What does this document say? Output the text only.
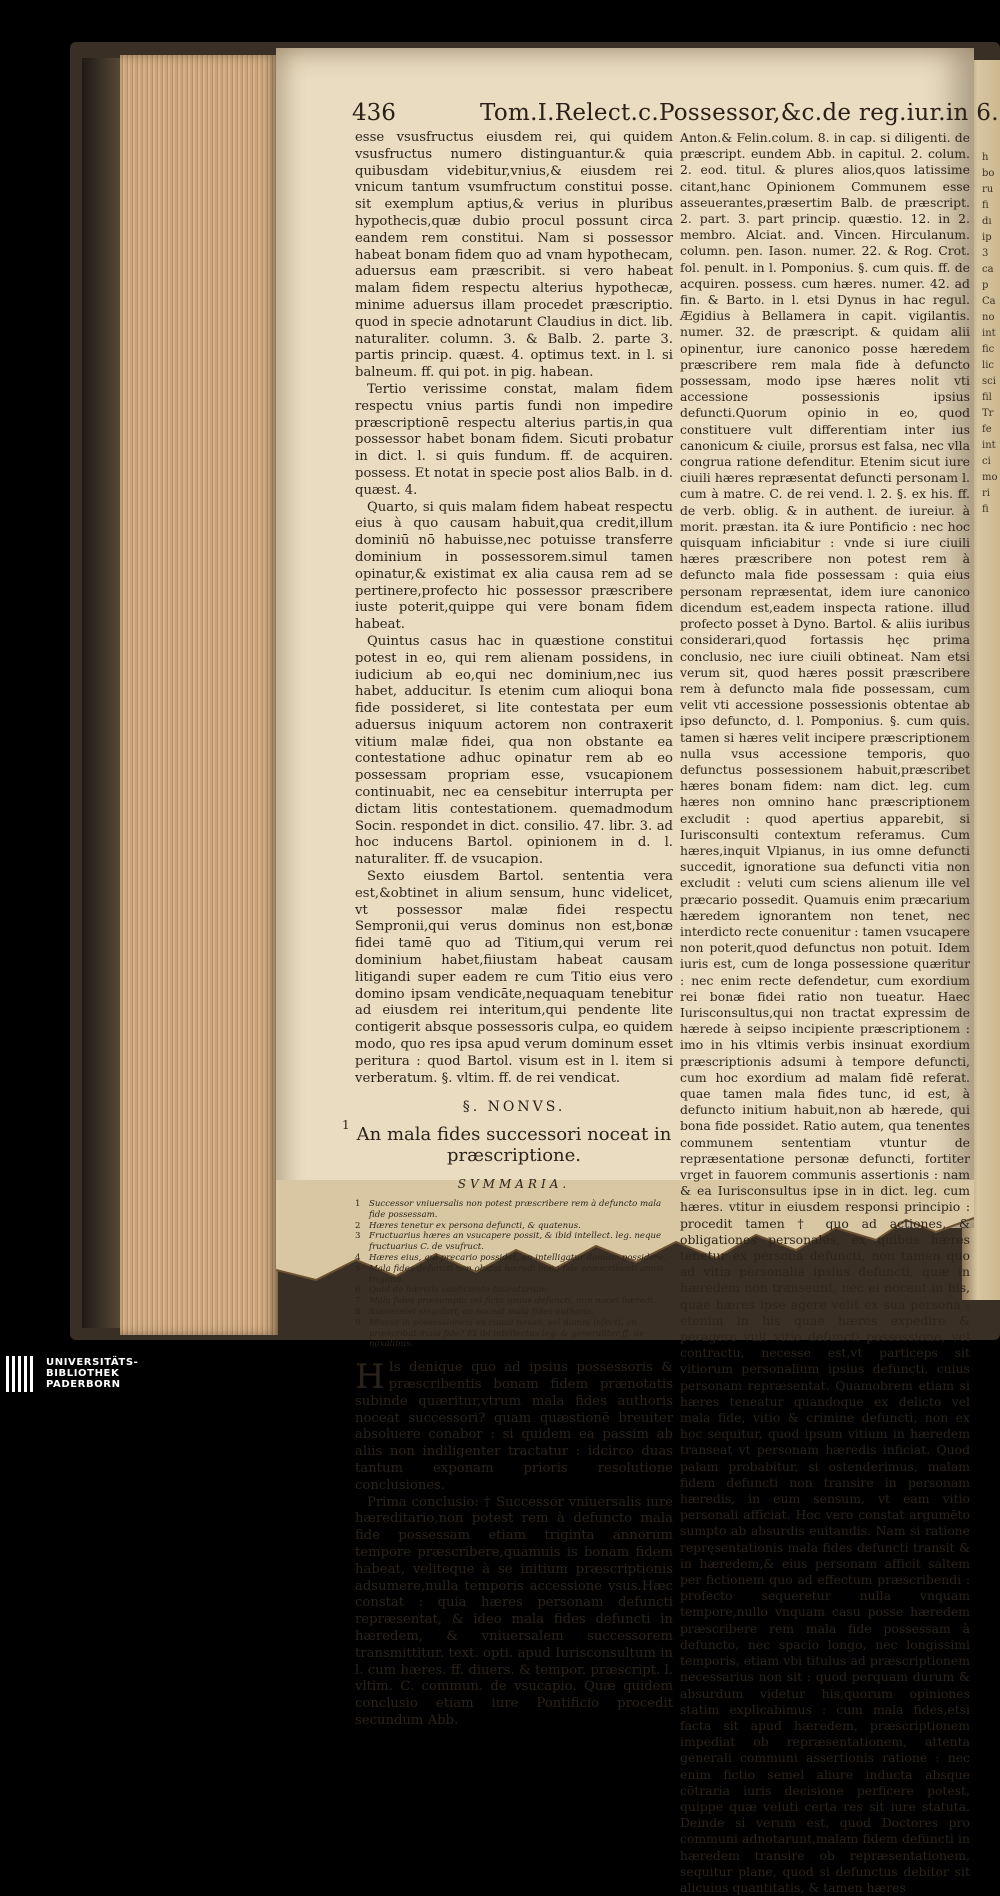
436	Tom.I.Relect.c.Possessor,&c.de reg.iur.in 6.

esse vsusfructus eiusdem rei, qui quidem vsusfructus numero distinguantur.& quia quibusdam videbitur,vnius,& eiusdem rei vnicum tantum vsumfructum constitui posse. sit exemplum aptius,& verius in pluribus hypothecis,quæ dubio procul possunt circa eandem rem constitui. Nam si possessor habeat bonam fidem quo ad vnam hypothecam, aduersus eam præscribit. si vero habeat malam fidem respectu alterius hypothecæ, minime aduersus illam procedet præscriptio. quod in specie adnotarunt Claudius in dict. lib. naturaliter. column. 3. & Balb. 2. parte 3. partis princip. quæst. 4. optimus text. in l. si balneum. ff. qui pot. in pig. habean.

Tertio verissime constat, malam fidem respectu vnius partis fundi non impedire præscriptionē respectu alterius partis,in qua possessor habet bonam fidem. Sicuti probatur in dict. l. si quis fundum. ff. de acquiren. possess. Et notat in specie post alios Balb. in d. quæst. 4.

Quarto, si quis malam fidem habeat respectu eius à quo causam habuit,qua credit,illum dominiū nō habuisse,nec potuisse transferre dominium in possessorem.simul tamen opinatur,& existimat ex alia causa rem ad se pertinere,profecto hic possessor præscribere iuste poterit,quippe qui vere bonam fidem habeat.

Quintus casus hac in quæstione constitui potest in eo, qui rem alienam possidens, in iudicium ab eo,qui nec dominium,nec ius habet, adducitur. Is etenim cum alioqui bona fide possideret, si lite contestata per eum aduersus iniquum actorem non contraxerit vitium malæ fidei, qua non obstante ea contestatione adhuc opinatur rem ab eo possessam propriam esse, vsucapionem continuabit, nec ea censebitur interrupta per dictam litis contestationem. quemadmodum Socin. respondet in dict. consilio. 47. libr. 3. ad hoc inducens Bartol. opinionem in d. l. naturaliter. ff. de vsucapion.

Sexto eiusdem Bartol. sententia vera est,&obtinet in alium sensum, hunc videlicet, vt possessor malæ fidei respectu Sempronii,qui verus dominus non est,bonæ fidei tamē quo ad Titium,qui verum rei dominium habet,fiiustam habeat causam litigandi super eadem re cum Titio eius vero domino ipsam vendicāte,nequaquam tenebitur ad eiusdem rei interitum,qui pendente lite contigerit absque possessoris culpa, eo quidem modo, quo res ipsa apud verum dominum esset peritura : quod Bartol. visum est in l. item si verberatum. §. vltim. ff. de rei vendicat.

§. NONVS.
An mala fides successori noceat in præscriptione.
SVMMARIA.
1 Successor vniuersalis non potest præscribere rem à defuncto mala fide possessam.
2 Hæres tenetur ex persona defuncti, & quatenus.
3 Fructuarius hæres an vsucapere possit, & ibid intellect. leg. neque fructuarius C. de vsufruct.
4 Hæres eius, qui precario possidet, an intelligatur domino possidere.
5 Mala fides defuncti non obstat hæredi bona fide præscribenti annis triginta.
6 Quid de hærede conficiente Inuentarium.
7 Mala fides præsumpta vel ficta ipsius defuncti, non nocet hæredi.
8 Successori singulari, an noceat mala fides authoris.
9 Missus in possessionem ex causa noxali, vel damni infecti, an præscribat mala fide? Et ibi intellectus leg. & generaliter ff. de noxalibus.

H Is denique quo ad ipsius possessoris & præscribentis bonam fidem prænotatis subinde quæritur,vtrum mala fides authoris noceat successori? quam quæstionē breuiter absoluere conabor : si quidem ea passim ab aliis non indiligenter tractatur : idcirco duas tantum exponam prioris resolutione conclusiones.

Prima conclusio: † Successor vniuersalis iure hæreditario,non potest rem à defuncto mala fide possessam etiam triginta annorum tempore præscribere,quamuis is bonam fidem habeat, veliteque à se initium præscriptionis adsumere,nulla temporis accessione vsus.Hæc constat : quia hæres personam defuncti repræsentat, & ideo mala fides defuncti in hæredem, & vniuersalem successorem transmittitur. text. opti. apud Iurisconsultum in l. cum hæres. ff. diuers. & tempor. præscript. l. vltim. C. commun. de vsucapio. Quæ quidem conclusio etiam iure Pontificio procedit secundum Abb.

1

Anton.& Felin.colum. 8. in cap. si diligenti. de præscript. eundem Abb. in capitul. 2. colum. 2. eod. titul. & plures alios,quos latissime citant,hanc Opinionem Communem esse asseuerantes,præsertim Balb. de præscript. 2. part. 3. part princip. quæstio. 12. in 2. membro. Alciat. and. Vincen. Hirculanum. column. pen. Iason. numer. 22. & Rog. Crot. fol. penult. in l. Pomponius. §. cum quis. ff. de acquiren. possess. cum hæres. numer. 42. ad fin. & Barto. in l. etsi Dynus in hac regul. Ægidius à Bellamera in capit. vigilantis. numer. 32. de præscript. & quidam alii opinentur, iure canonico posse hæredem præscribere rem mala fide à defuncto possessam, modo ipse hæres nolit vti accessione possessionis ipsius defuncti.Quorum opinio in eo, quod constituere vult differentiam inter ius canonicum & ciuile, prorsus est falsa, nec vlla congrua ratione defenditur. Etenim sicut iure ciuili hæres repræsentat defuncti personam l. cum à matre. C. de rei vend. l. 2. §. ex his. ff. de verb. oblig. & in authent. de iureiur. à morit. præstan. ita & iure Pontificio : nec hoc quisquam inficiabitur : vnde si iure ciuili hæres præscribere non potest rem à defuncto mala fide possessam : quia eius personam repræsentat, idem iure canonico dicendum est,eadem inspecta ratione. illud profecto posset à Dyno. Bartol. & aliis iuribus considerari,quod fortassis hęc prima conclusio, nec iure ciuili obtineat. Nam etsi verum sit, quod hæres possit præscribere rem à defuncto mala fide possessam, cum velit vti accessione possessionis obtentae ab ipso defuncto, d. l. Pomponius. §. cum quis. tamen si hæres velit incipere præscriptionem nulla vsus accessione temporis, quo defunctus possessionem habuit,præscribet hæres bonam fidem: nam dict. leg. cum hæres non omnino hanc præscriptionem excludit : quod apertius apparebit, si Iurisconsulti contextum referamus. Cum hæres,inquit Vlpianus, in ius omne defuncti succedit, ignoratione sua defuncti vitia non excludit : veluti cum sciens alienum ille vel præcario possedit. Quamuis enim præcarium hæredem ignorantem non tenet, nec interdicto recte conuenitur : tamen vsucapere non poterit,quod defunctus non potuit. Idem iuris est, cum de longa possessione quæritur : nec enim recte defendetur, cum exordium rei bonæ fidei ratio non tueatur. Haec Iurisconsultus,qui non tractat expressim de hærede à seipso incipiente præscriptionem : imo in his vltimis verbis insinuat exordium præscriptionis adsumi à tempore defuncti, cum hoc exordium ad malam fidē referat. quae tamen mala fides tunc, id est, à defuncto initium habuit,non ab hærede, qui bona fide possidet. Ratio autem, qua tenentes communem sententiam vtuntur de repræsentatione personæ defuncti, fortiter vrget in fauorem communis assertionis : nam & ea Iurisconsultus ipse in in dict. leg. cum hæres. vtitur in eiusdem responsi principio : procedit tamen † quo ad actiones, & obligationes personales, ex quibus hæres tenetur ex persona defuncti, non tamen quo ad vitia personalia ipsius defuncti, quæ in hæredem non transeunt, nec ei nocent in his, quae hæres ipse agere velit ex sua persona : etenim in his quae hæres expedire & peragere vult vitio defuncti possessione, vel contractu, necesse est,vt particeps sit vitiorum personalium ipsius defuncti, cuius personam repræsentat. Quamobrem etiam si hæres teneatur quandoque ex delicto vel mala fide, vitio & crimine defuncti, non ex hoc sequitur, quod ipsum vitium in hæredem transeat vt personam hæredis inficiat. Quod palam probabitur, si ostenderimus, malam fidem defuncti non transire in personam hæredis, in eum sensum, vt eam vitio personali afficiat. Hoc vero constat argumēto sumpto ab absurdis euitandis. Nam si ratione repręsentationis mala fides defuncti transit & in hæredem,& eius personam afficit saltem per fictionem quo ad effectum præscribendi : profecto sequeretur nulla vnquam tempore,nullo vnquam casu posse hæredem præscribere rem mala fide possessam à defuncto, nec spacio longo, nec longissimi temporis, etiam vbi titulus ad præscriptionem necessarius non sit : quod perquam durum & absurdum videtur his,quorum opiniones statim explicabimus : cum mala fides,etsi facta sit apud hæredem, præscriptionem impediat ob repræsentationem, attenta generali communi assertionis ratione : nec enim fictio semel aliure inducta absque cōtraria iuris decisione perficere potest, quippe quæ veluti certa res sit iure statuta. Deinde si verum est, quod Doctores pro communi adnotarunt,malam fidem defuncti in hæredem transire ob repræsentationem, sequitur plane, quod si defunctus debitor sit alicuius quantitatis, & tamen hæres

h
bo
ru
fi
dı
ip
3
ca
p
Ca
no
int
fic
lic
sci
fil
Tr
fe
int
ci
mo
ri
fi
UNIVERSITÄTS-
BIBLIOTHEK
PADERBORN
